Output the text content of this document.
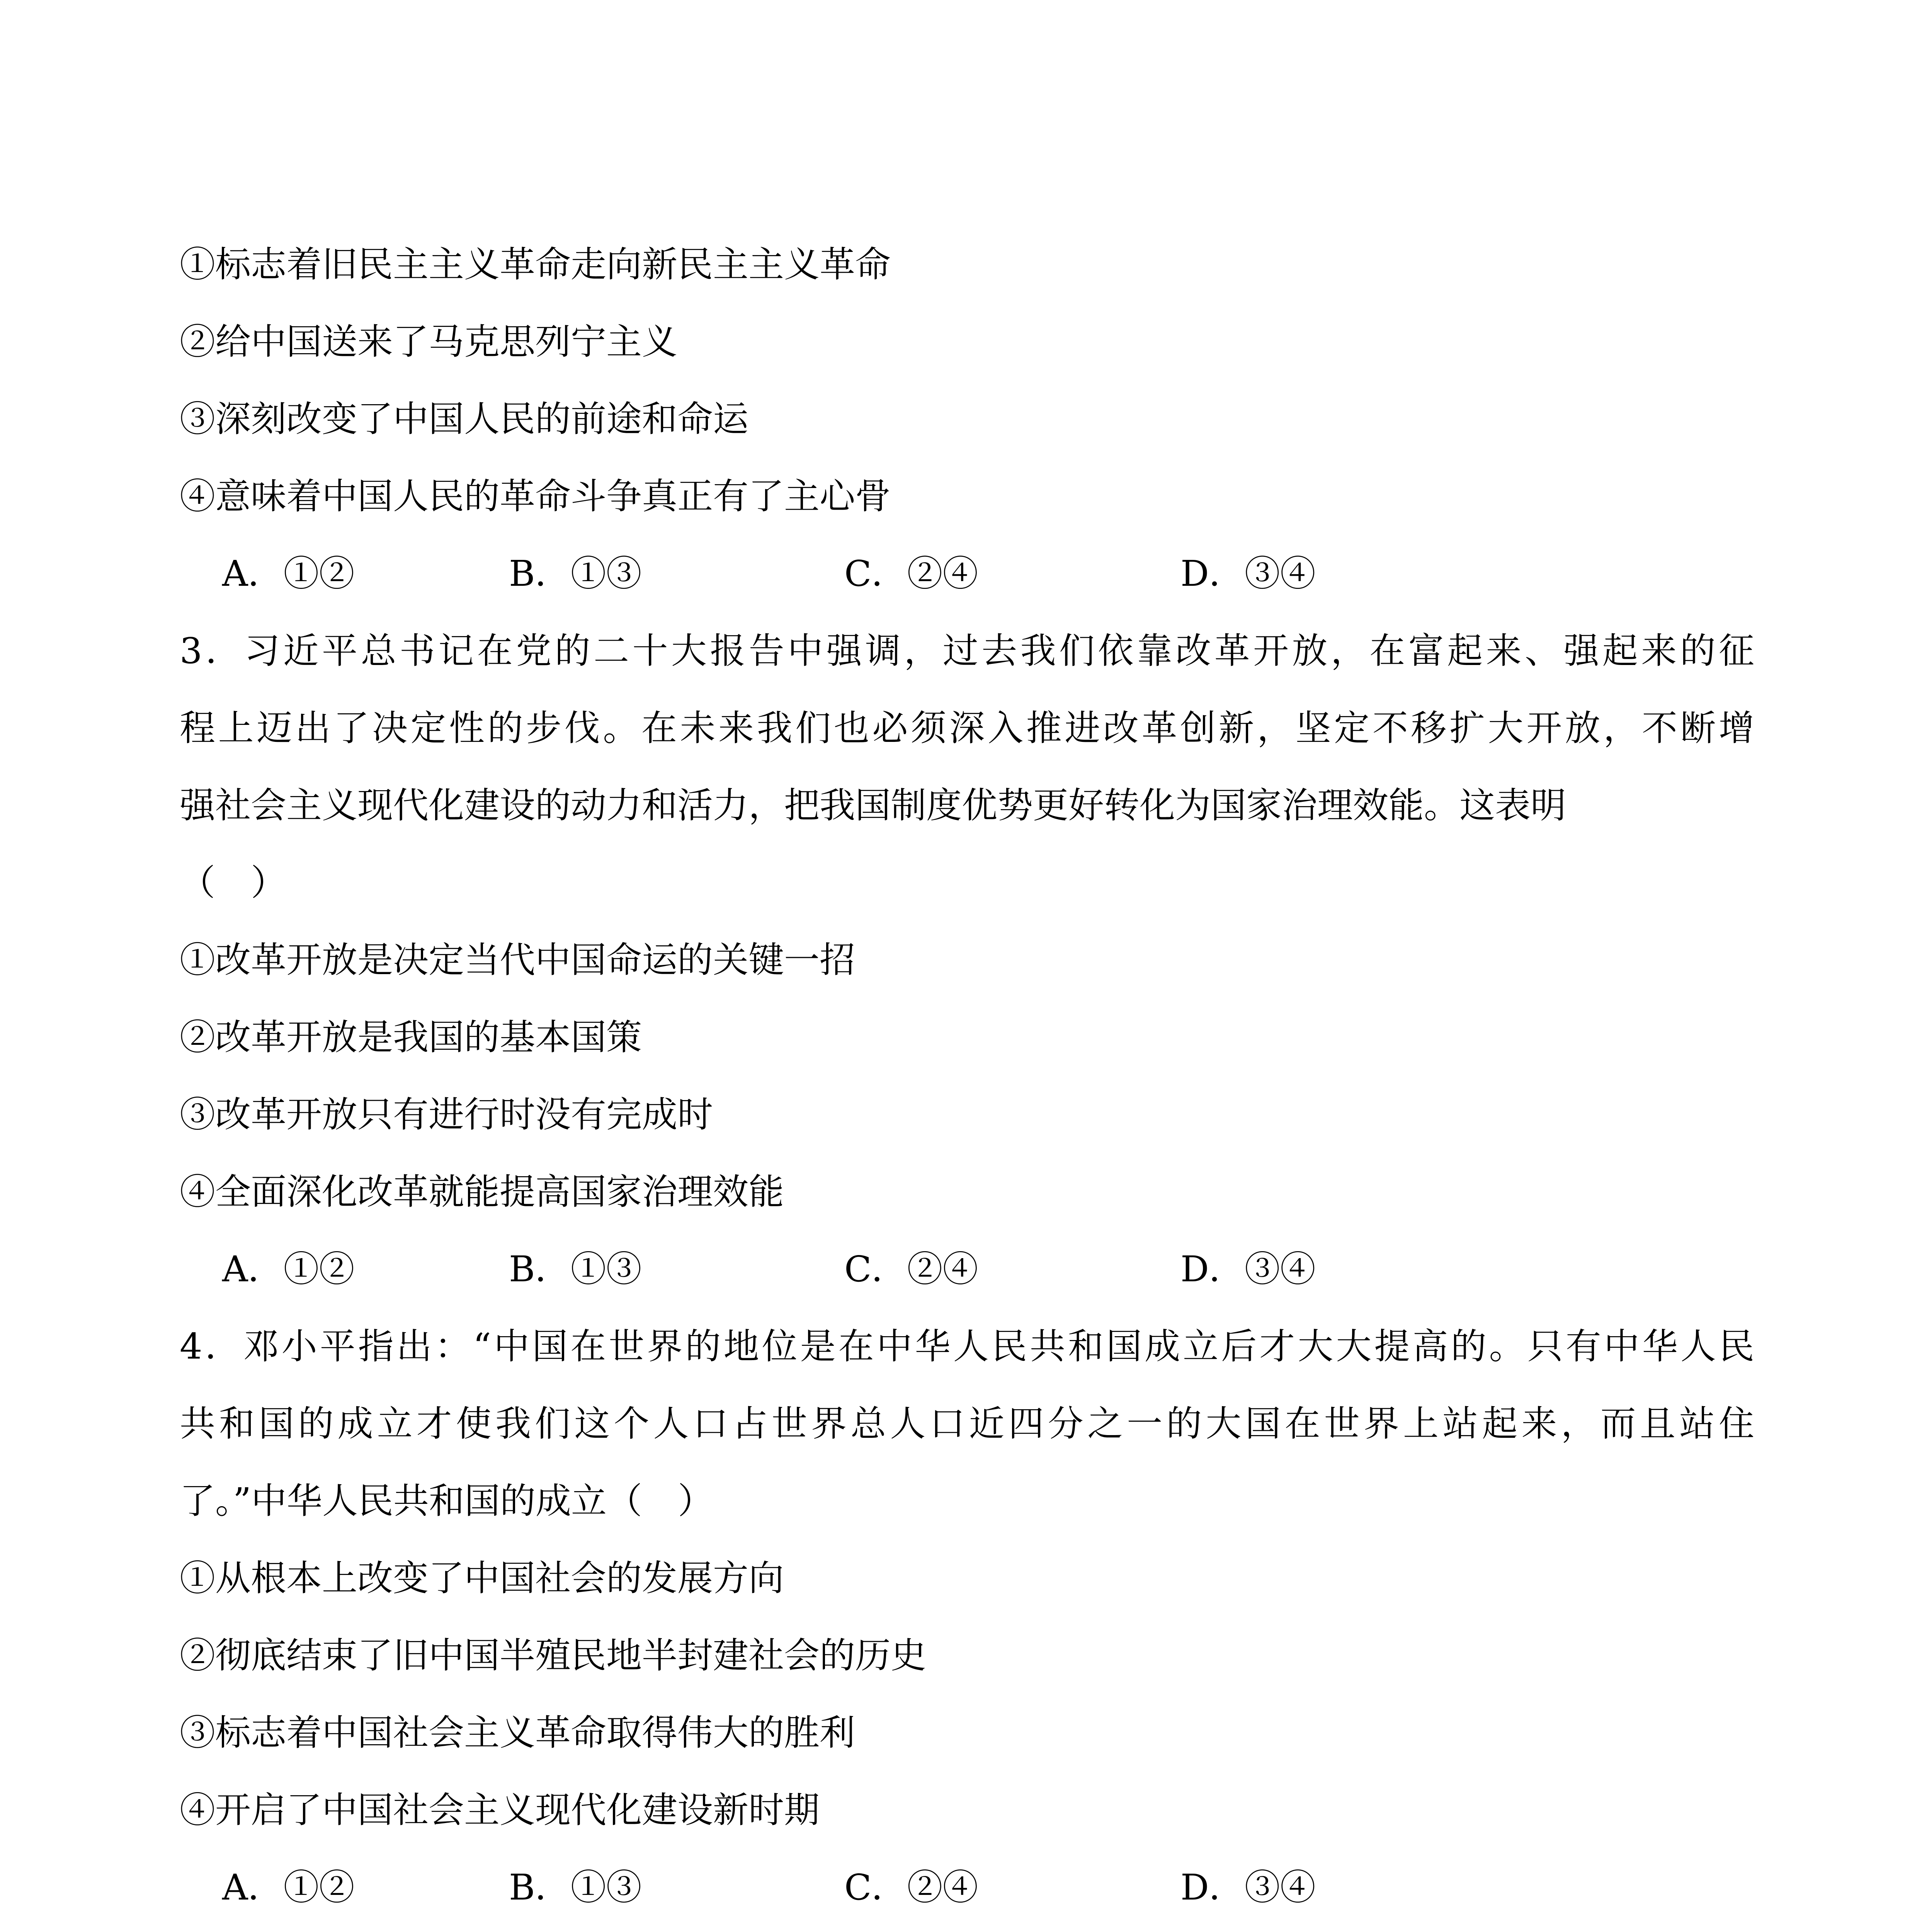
①标志着旧民主主义革命走向新民主主义革命
②给中国送来了马克思列宁主义
③深刻改变了中国人民的前途和命运
④意味着中国人民的革命斗争真正有了主心骨
A．①②	B．①③	C．②④	D．③④
3．习近平总书记在党的二十大报告中强调，过去我们依靠改革开放，在富起来、强起来的征
程上迈出了决定性的步伐。在未来我们也必须深入推进改革创新，坚定不移扩大开放，不断增
强社会主义现代化建设的动力和活力，把我国制度优势更好转化为国家治理效能。这表明
（　）
①改革开放是决定当代中国命运的关键一招
②改革开放是我国的基本国策
③改革开放只有进行时没有完成时
④全面深化改革就能提高国家治理效能
A．①②	B．①③	C．②④	D．③④
4．邓小平指出：“中国在世界的地位是在中华人民共和国成立后才大大提高的。只有中华人民
共和国的成立才使我们这个人口占世界总人口近四分之一的大国在世界上站起来，而且站住
了。”中华人民共和国的成立（　）
①从根本上改变了中国社会的发展方向
②彻底结束了旧中国半殖民地半封建社会的历史
③标志着中国社会主义革命取得伟大的胜利
④开启了中国社会主义现代化建设新时期
A．①②	B．①③	C．②④	D．③④
